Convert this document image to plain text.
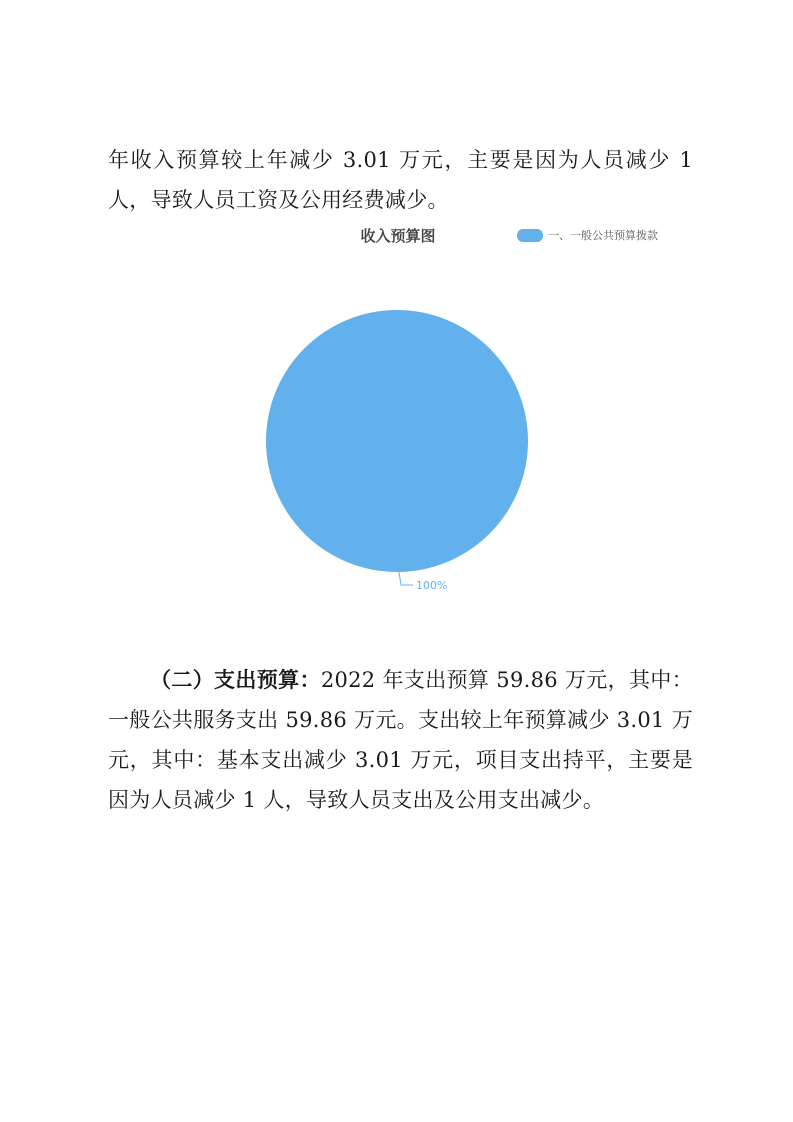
年收入预算较上年减少 3.01 万元，主要是因为人员减少 1 人，导致人员工资及公用经费减少。

收入预算图	一、一般公共预算拨款
100%

（二）支出预算：2022 年支出预算 59.86 万元，其中：一般公共服务支出 59.86 万元。支出较上年预算减少 3.01 万元，其中：基本支出减少 3.01 万元，项目支出持平，主要是因为人员减少 1 人，导致人员支出及公用支出减少。
